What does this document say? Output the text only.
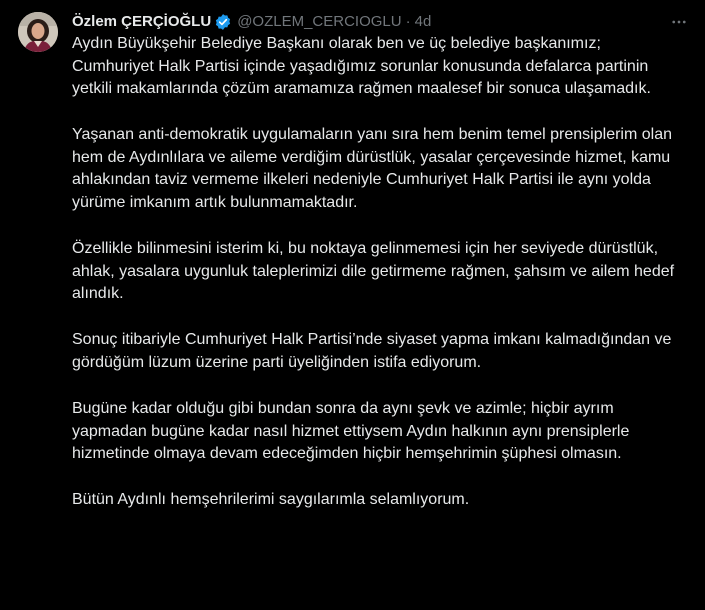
Özlem ÇERÇİOĞLU @OZLEM_CERCIOGLU · 4d

Aydın Büyükşehir Belediye Başkanı olarak ben ve üç belediye başkanımız; Cumhuriyet Halk Partisi içinde yaşadığımız sorunlar konusunda defalarca partinin yetkili makamlarında çözüm aramamıza rağmen maalesef bir sonuca ulaşamadık.

Yaşanan anti-demokratik uygulamaların yanı sıra hem benim temel prensiplerim olan hem de Aydınlılara ve aileme verdiğim dürüstlük, yasalar çerçevesinde hizmet, kamu ahlakından taviz vermeme ilkeleri nedeniyle Cumhuriyet Halk Partisi ile aynı yolda yürüme imkanım artık bulunmamaktadır.

Özellikle bilinmesini isterim ki, bu noktaya gelinmemesi için her seviyede dürüstlük, ahlak, yasalara uygunluk taleplerimizi dile getirmeme rağmen, şahsım ve ailem hedef alındık.

Sonuç itibariyle Cumhuriyet Halk Partisi’nde siyaset yapma imkanı kalmadığından ve gördüğüm lüzum üzerine parti üyeliğinden istifa ediyorum.

Bugüne kadar olduğu gibi bundan sonra da aynı şevk ve azimle; hiçbir ayrım yapmadan bugüne kadar nasıl hizmet ettiysem Aydın halkının aynı prensiplerle hizmetinde olmaya devam edeceğimden hiçbir hemşehrimin şüphesi olmasın.

Bütün Aydınlı hemşehrilerimi saygılarımla selamlıyorum.
